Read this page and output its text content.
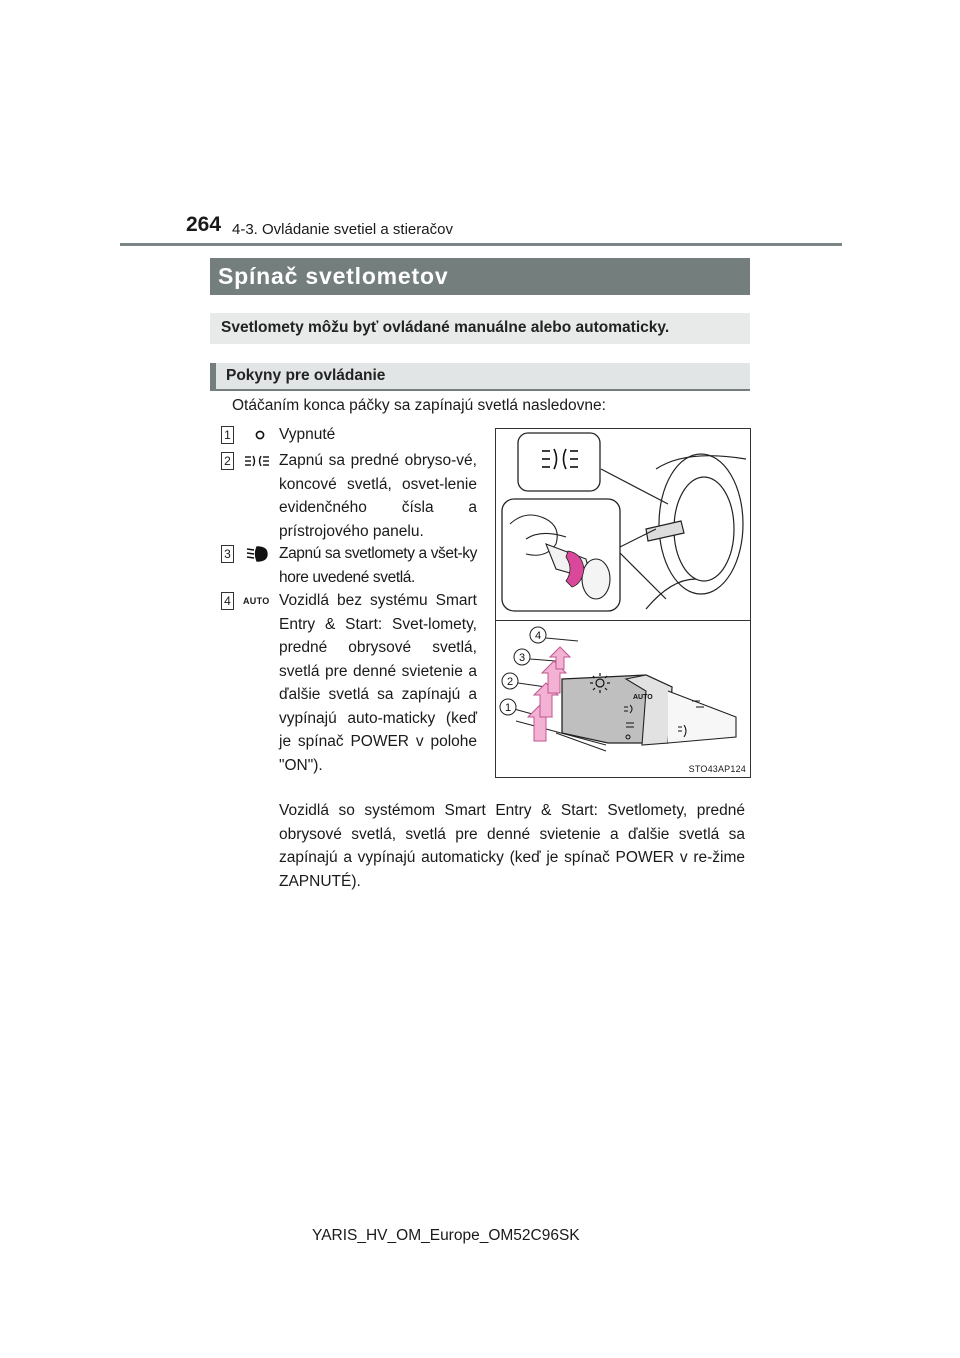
264 4-3. Ovládanie svetiel a stieračov
Spínač svetlometov
Svetlomety môžu byť ovládané manuálne alebo automaticky.
Pokyny pre ovládanie
Otáčaním konca páčky sa zapínajú svetlá nasledovne:
1	Vypnuté
2	Zapnú sa predné obryso-vé, koncové svetlá, osvet-lenie evidenčného čísla a prístrojového panelu.
3	Zapnú sa svetlomety a všet-ky hore uvedené svetlá.
4	AUTO Vozidlá bez systému Smart Entry & Start: Svet-lomety, predné obrysové svetlá, svetlá pre denné svietenie a ďalšie svetlá sa zapínajú a vypínajú auto-maticky (keď je spínač POWER v polohe "ON").
AUTO
4
3
2
1
STO43AP124
Vozidlá so systémom Smart Entry & Start: Svetlomety, predné obrysové svetlá, svetlá pre denné svietenie a ďalšie svetlá sa zapínajú a vypínajú automaticky (keď je spínač POWER v re-žime ZAPNUTÉ).
YARIS_HV_OM_Europe_OM52C96SK
